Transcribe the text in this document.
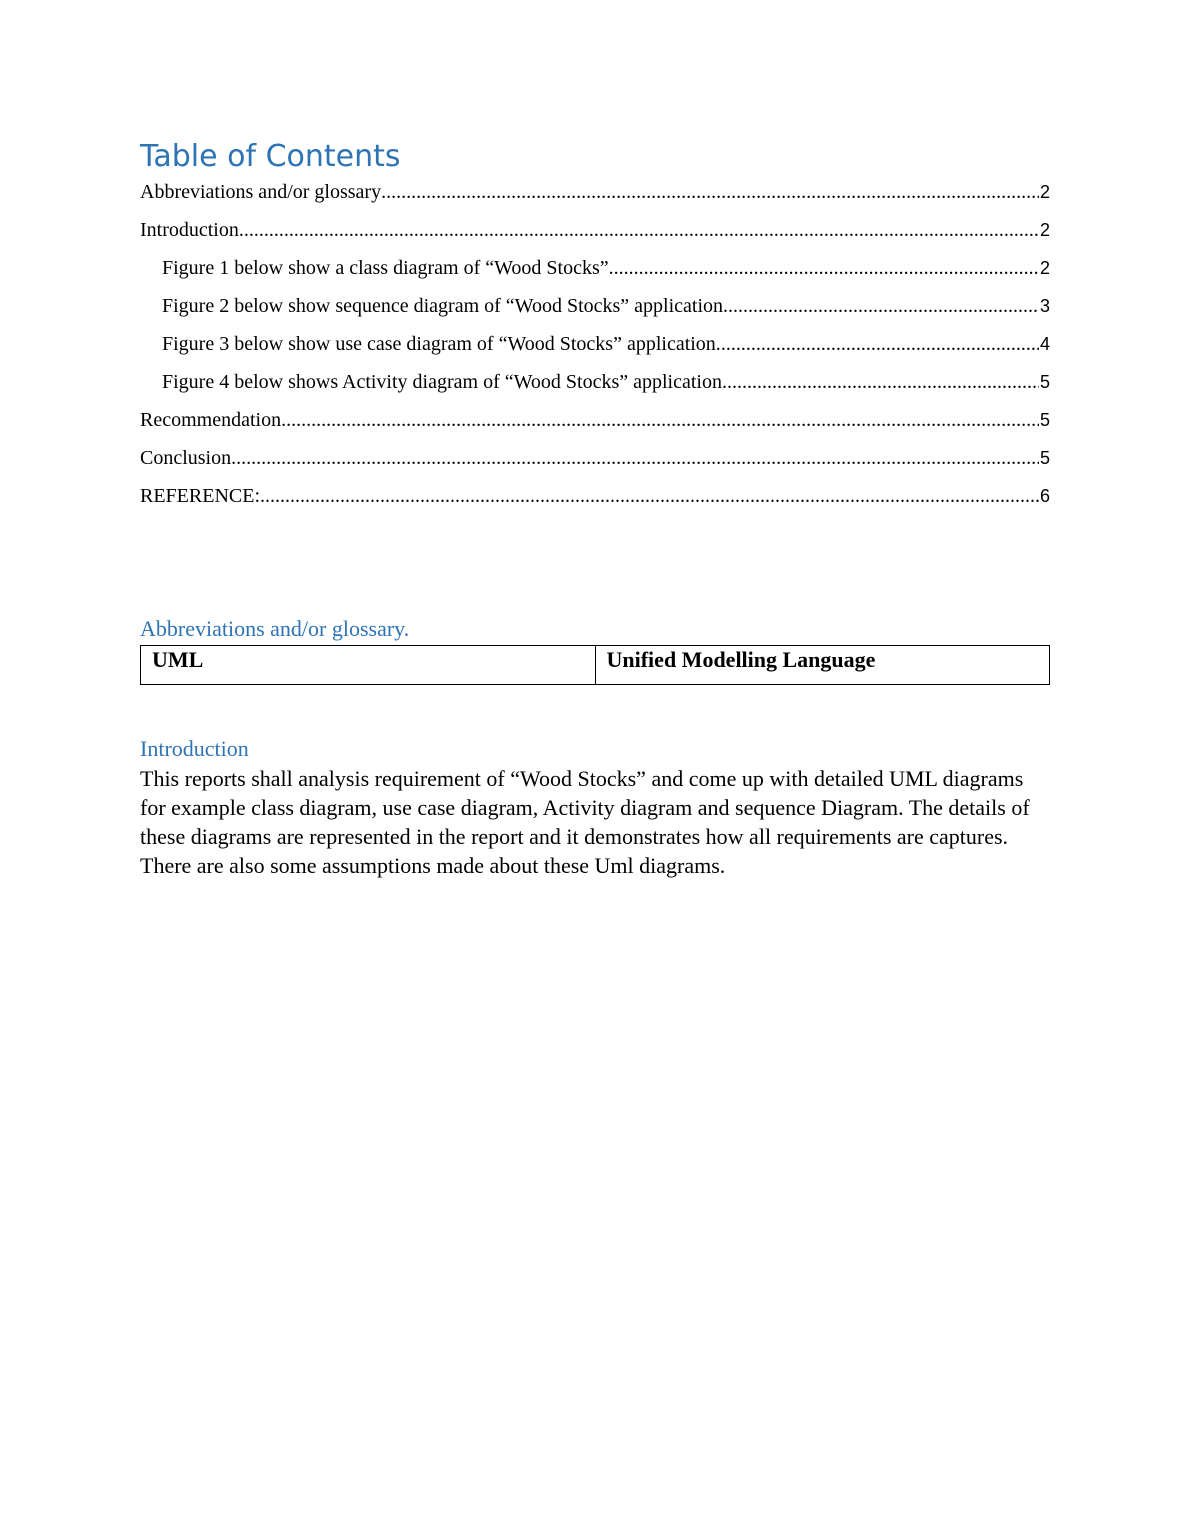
Table of Contents
Abbreviations and/or glossary .....	2
Introduction .....	2
Figure 1 below show a class diagram of “Wood Stocks” .....	2
Figure 2 below show sequence diagram of “Wood Stocks” application. .....	3
Figure 3 below show use case diagram of “Wood Stocks” application. .....	4
Figure 4 below shows Activity diagram of “Wood Stocks” application. .....	5
Recommendation .....	5
Conclusion .....	5
REFERENCE: .....	6
Abbreviations and/or glossary.
UML	Unified Modelling Language
Introduction

This reports shall analysis requirement of “Wood Stocks” and come up with detailed UML diagrams for example class diagram, use case diagram, Activity diagram and sequence Diagram. The details of these diagrams are represented in the report and it demonstrates how all requirements are captures. There are also some assumptions made about these Uml diagrams.
